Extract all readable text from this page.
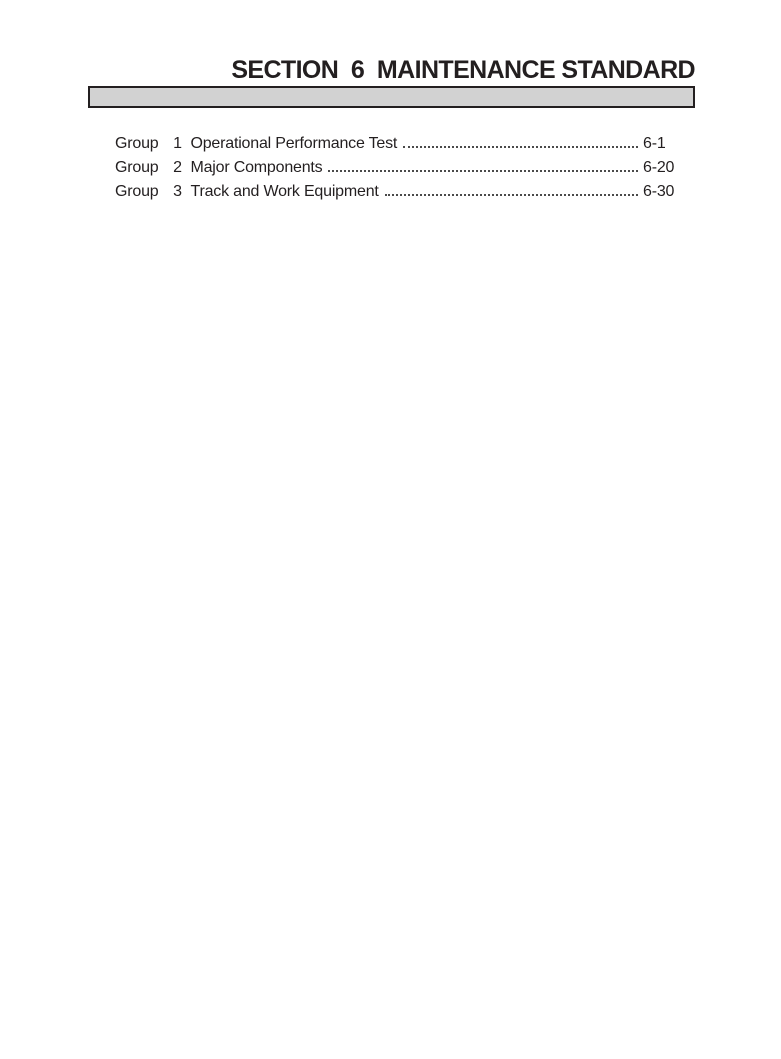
SECTION  6  MAINTENANCE STANDARD
Group 1 Operational Performance Test	6-1
Group 2 Major Components	6-20
Group 3 Track and Work Equipment	6-30
